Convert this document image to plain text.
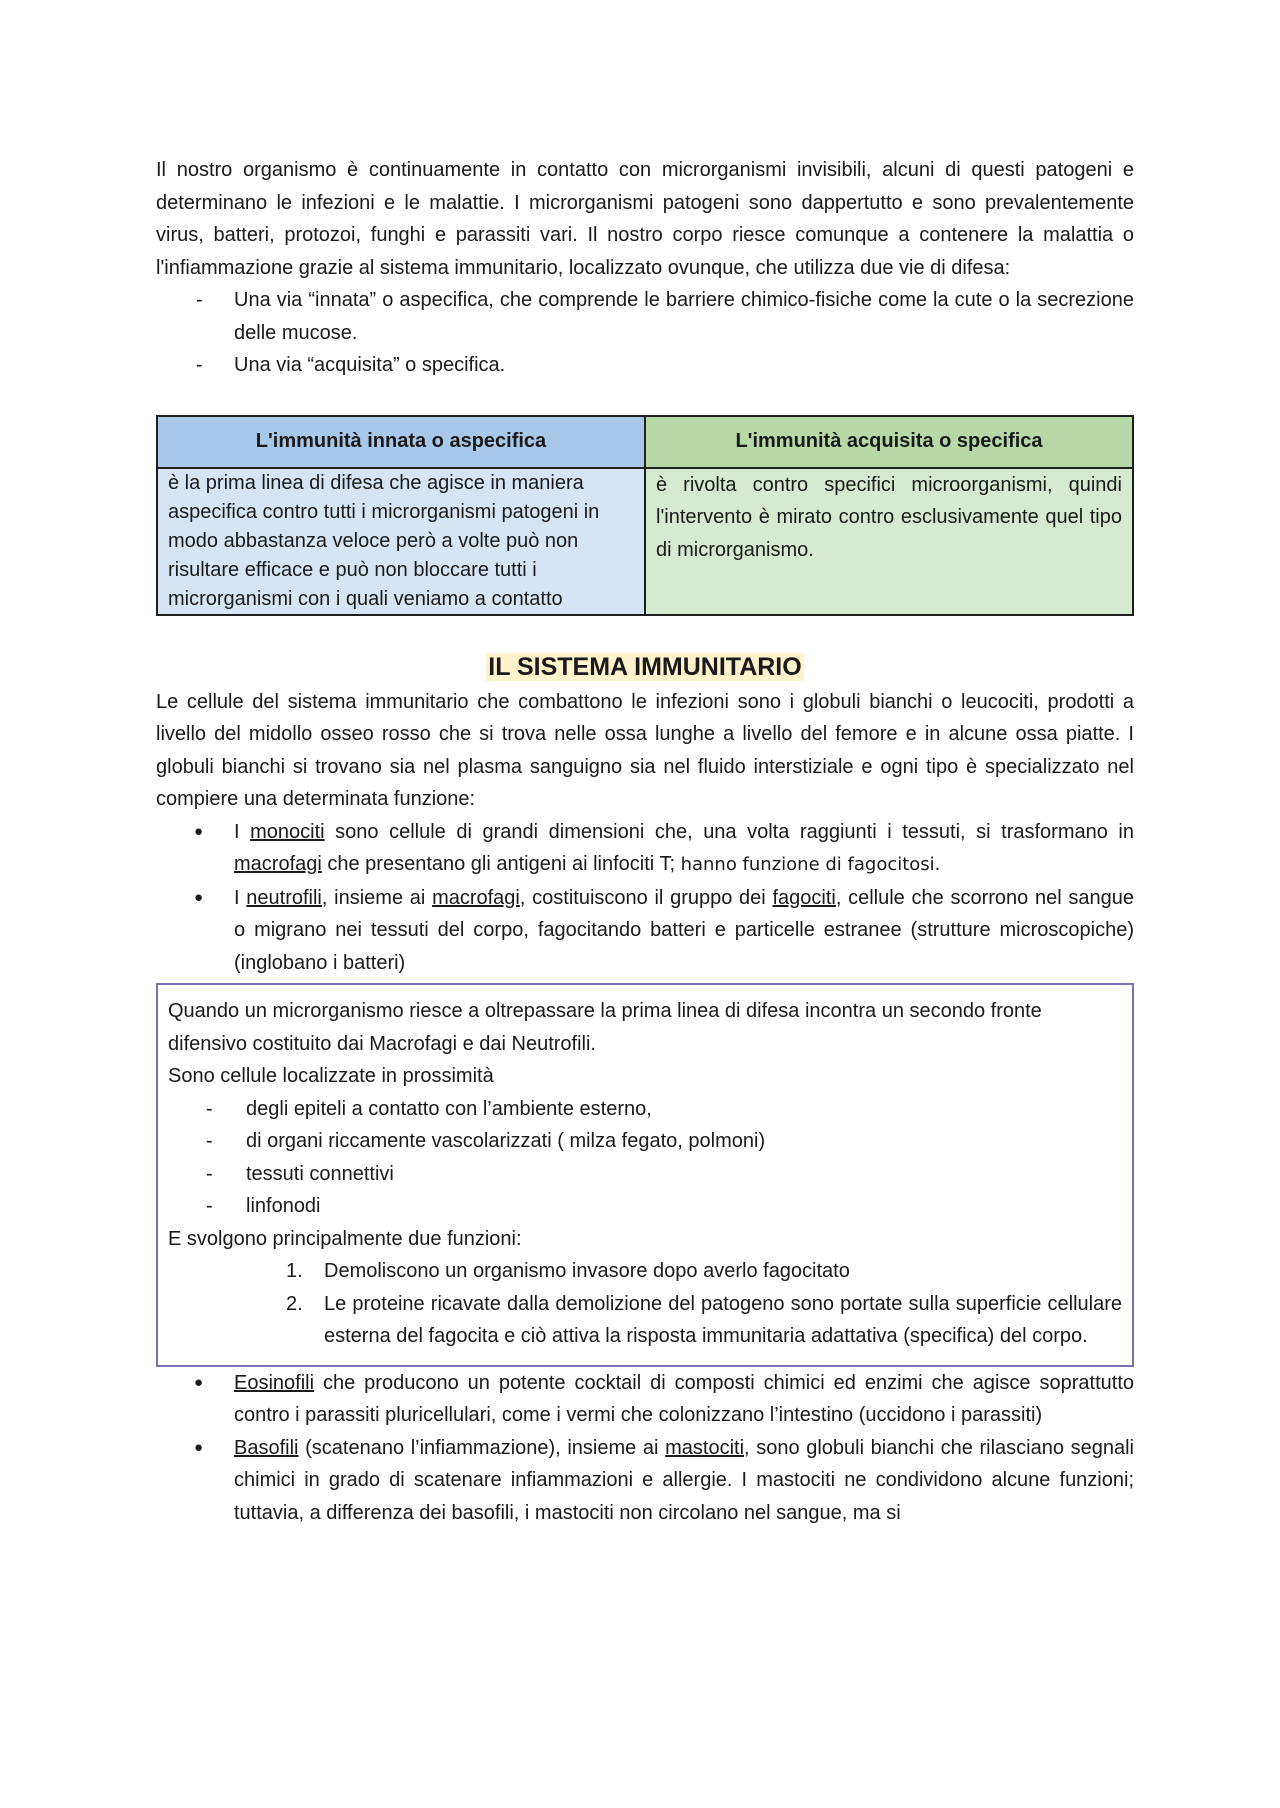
Il nostro organismo è continuamente in contatto con microrganismi invisibili, alcuni di questi patogeni e determinano le infezioni e le malattie. I microrganismi patogeni sono dappertutto e sono prevalentemente virus, batteri, protozoi, funghi e parassiti vari. Il nostro corpo riesce comunque a contenere la malattia o l'infiammazione grazie al sistema immunitario, localizzato ovunque, che utilizza due vie di difesa:

- Una via “innata” o aspecifica, che comprende le barriere chimico-fisiche come la cute o la secrezione delle mucose.
- Una via “acquisita” o specifica.
L'immunità innata o aspecifica	L'immunità acquisita o specifica
è la prima linea di difesa che agisce in maniera aspecifica contro tutti i microrganismi patogeni in modo abbastanza veloce però a volte può non risultare efficace e può non bloccare tutti i microrganismi con i quali veniamo a contatto	è rivolta contro specifici microorganismi, quindi l'intervento è mirato contro esclusivamente quel tipo di microrganismo.
IL SISTEMA IMMUNITARIO

Le cellule del sistema immunitario che combattono le infezioni sono i globuli bianchi o leucociti, prodotti a livello del midollo osseo rosso che si trova nelle ossa lunghe a livello del femore e in alcune ossa piatte. I globuli bianchi si trovano sia nel plasma sanguigno sia nel fluido interstiziale e ogni tipo è specializzato nel compiere una determinata funzione:

● I monociti sono cellule di grandi dimensioni che, una volta raggiunti i tessuti, si trasformano in macrofagi che presentano gli antigeni ai linfociti T; hanno funzione di fagocitosi.
● I neutrofili, insieme ai macrofagi, costituiscono il gruppo dei fagociti, cellule che scorrono nel sangue o migrano nei tessuti del corpo, fagocitando batteri e particelle estranee (strutture microscopiche) (inglobano i batteri)

Quando un microrganismo riesce a oltrepassare la prima linea di difesa incontra un secondo fronte difensivo costituito dai Macrofagi e dai Neutrofili.

Sono cellule localizzate in prossimità

- degli epiteli a contatto con l’ambiente esterno,
- di organi riccamente vascolarizzati ( milza fegato, polmoni)
- tessuti connettivi
- linfonodi

E svolgono principalmente due funzioni:

1. Demoliscono un organismo invasore dopo averlo fagocitato
2. Le proteine ricavate dalla demolizione del patogeno sono portate sulla superficie cellulare esterna del fagocita e ciò attiva la risposta immunitaria adattativa (specifica) del corpo.
● Eosinofili che producono un potente cocktail di composti chimici ed enzimi che agisce soprattutto contro i parassiti pluricellulari, come i vermi che colonizzano l’intestino (uccidono i parassiti)
● Basofili (scatenano l’infiammazione), insieme ai mastociti, sono globuli bianchi che rilasciano segnali chimici in grado di scatenare infiammazioni e allergie. I mastociti ne condividono alcune funzioni; tuttavia, a differenza dei basofili, i mastociti non circolano nel sangue, ma si
